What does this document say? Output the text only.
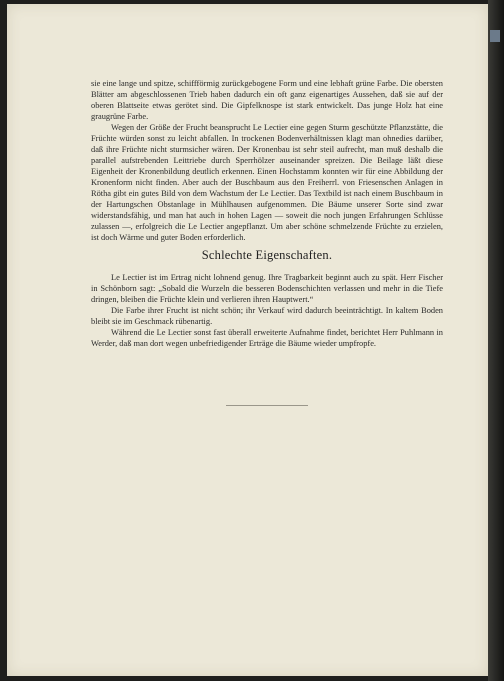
sie eine lange und spitze, schiffförmig zurückgebogene Form und eine lebhaft grüne Farbe. Die obersten Blätter am abgeschlossenen Trieb haben dadurch ein oft ganz eigenartiges Aussehen, daß sie auf der oberen Blattseite etwas gerötet sind. Die Gipfelknospe ist stark entwickelt. Das junge Holz hat eine graugrüne Farbe.

Wegen der Größe der Frucht beansprucht Le Lectier eine gegen Sturm geschützte Pflanzstätte, die Früchte würden sonst zu leicht abfallen. In trockenen Bodenverhältnissen klagt man ohnedies darüber, daß ihre Früchte nicht sturmsicher wären. Der Kronenbau ist sehr steil aufrecht, man muß deshalb die parallel aufstrebenden Leittriebe durch Sperrhölzer auseinander spreizen. Die Beilage läßt diese Eigenheit der Kronenbildung deutlich erkennen. Einen Hochstamm konnten wir für eine Abbildung der Kronenform nicht finden. Aber auch der Buschbaum aus den Freiherrl. von Friesenschen Anlagen in Rötha gibt ein gutes Bild von dem Wachstum der Le Lectier. Das Textbild ist nach einem Buschbaum in der Hartungschen Obstanlage in Mühlhausen aufgenommen. Die Bäume unserer Sorte sind zwar widerstandsfähig, und man hat auch in hohen Lagen — soweit die noch jungen Erfahrungen Schlüsse zulassen —, erfolgreich die Le Lectier angepflanzt. Um aber schöne schmelzende Früchte zu erzielen, ist doch Wärme und guter Boden erforderlich.

Schlechte Eigenschaften.

Le Lectier ist im Ertrag nicht lohnend genug. Ihre Tragbarkeit beginnt auch zu spät. Herr Fischer in Schönborn sagt: „Sobald die Wurzeln die besseren Bodenschichten verlassen und mehr in die Tiefe dringen, bleiben die Früchte klein und verlieren ihren Hauptwert.“

Die Farbe ihrer Frucht ist nicht schön; ihr Verkauf wird dadurch beeinträchtigt. In kaltem Boden bleibt sie im Geschmack rübenartig.

Während die Le Lectier sonst fast überall erweiterte Aufnahme findet, berichtet Herr Puhlmann in Werder, daß man dort wegen unbefriedigender Erträge die Bäume wieder umpfropfe.
